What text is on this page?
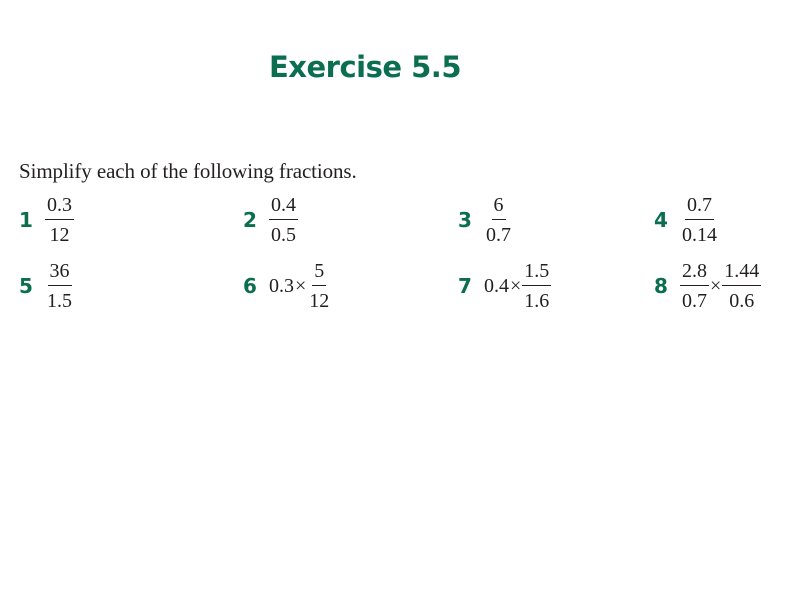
Exercise 5.5
Simplify each of the following fractions.
$1 \frac{0.3}{12}$	$2 \frac{0.4}{0.5}$	$3 \frac{6}{0.7}$	$4 \frac{0.7}{0.14}$
$5 \frac{36}{1.5}$	6 $0.3 \times \frac{5}{12}$	7 $0.4 \times \frac{1.5}{1.6}$	$8 \frac{2.8}{0.7} \times \frac{1.44}{0.6}$
